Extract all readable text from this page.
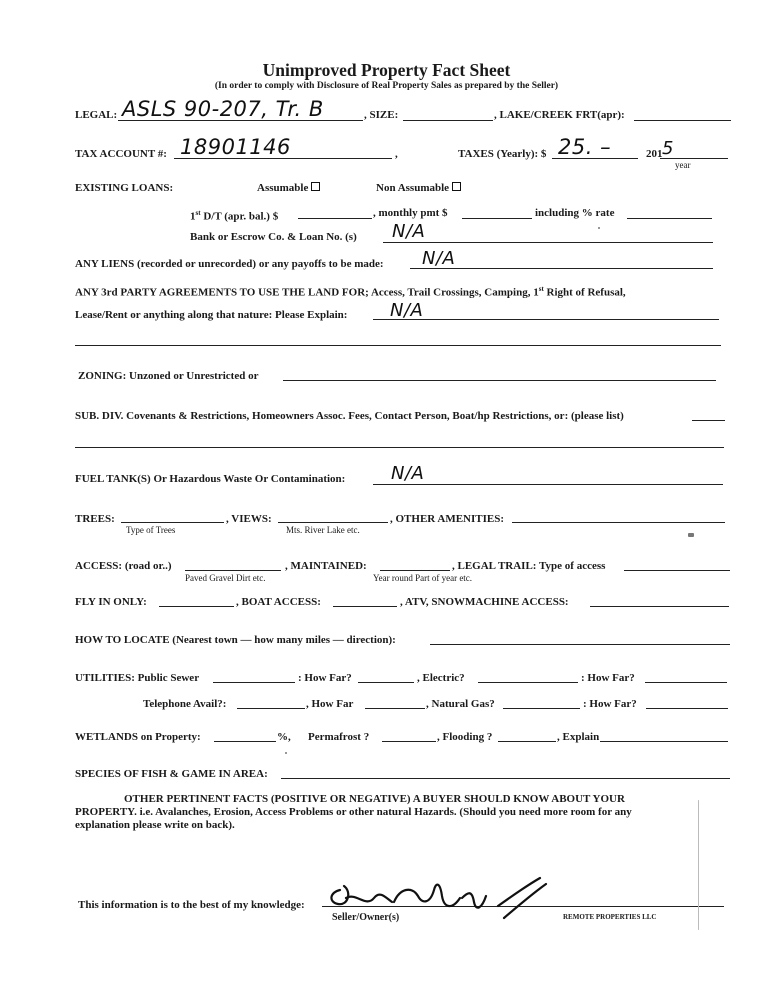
Unimproved Property Fact Sheet
(In order to comply with Disclosure of Real Property Sales as prepared by the Seller)
LEGAL: ASLS 90-207, Tr. B	, SIZE:	, LAKE/CREEK FRT(apr):
TAX ACCOUNT #: 18901146	,	TAXES (Yearly): $ 25. –	201 5
year
EXISTING LOANS:	Assumable	Non Assumable
1st D/T (apr. bal.) $	, monthly pmt $	including % rate
Bank or Escrow Co. & Loan No. (s) N/A
ANY LIENS (recorded or unrecorded) or any payoffs to be made: N/A
ANY 3rd PARTY AGREEMENTS TO USE THE LAND FOR; Access, Trail Crossings, Camping, 1st Right of Refusal,
Lease/Rent or anything along that nature: Please Explain: N/A
ZONING: Unzoned or Unrestricted or
SUB. DIV. Covenants & Restrictions, Homeowners Assoc. Fees, Contact Person, Boat/hp Restrictions, or: (please list)
FUEL TANK(S) Or Hazardous Waste Or Contamination:	N/A
TREES:	, VIEWS:	, OTHER AMENITIES:
Type of Trees	Mts. River Lake etc.
ACCESS: (road or..)	, MAINTAINED:	, LEGAL TRAIL: Type of access
Paved Gravel Dirt etc.	Year round Part of year etc.
FLY IN ONLY:	, BOAT ACCESS:	, ATV, SNOWMACHINE ACCESS:
HOW TO LOCATE (Nearest town — how many miles — direction):
UTILITIES: Public Sewer	: How Far?	, Electric?	: How Far?
Telephone Avail?:	, How Far	, Natural Gas?	: How Far?
WETLANDS on Property:	%, Permafrost ?	, Flooding ?	, Explain
SPECIES OF FISH & GAME IN AREA:
OTHER PERTINENT FACTS (POSITIVE OR NEGATIVE) A BUYER SHOULD KNOW ABOUT YOUR
PROPERTY. i.e. Avalanches, Erosion, Access Problems or other natural Hazards. (Should you need more room for any
explanation please write on back).
This information is to the best of my knowledge:
Seller/Owner(s)	REMOTE PROPERTIES LLC
